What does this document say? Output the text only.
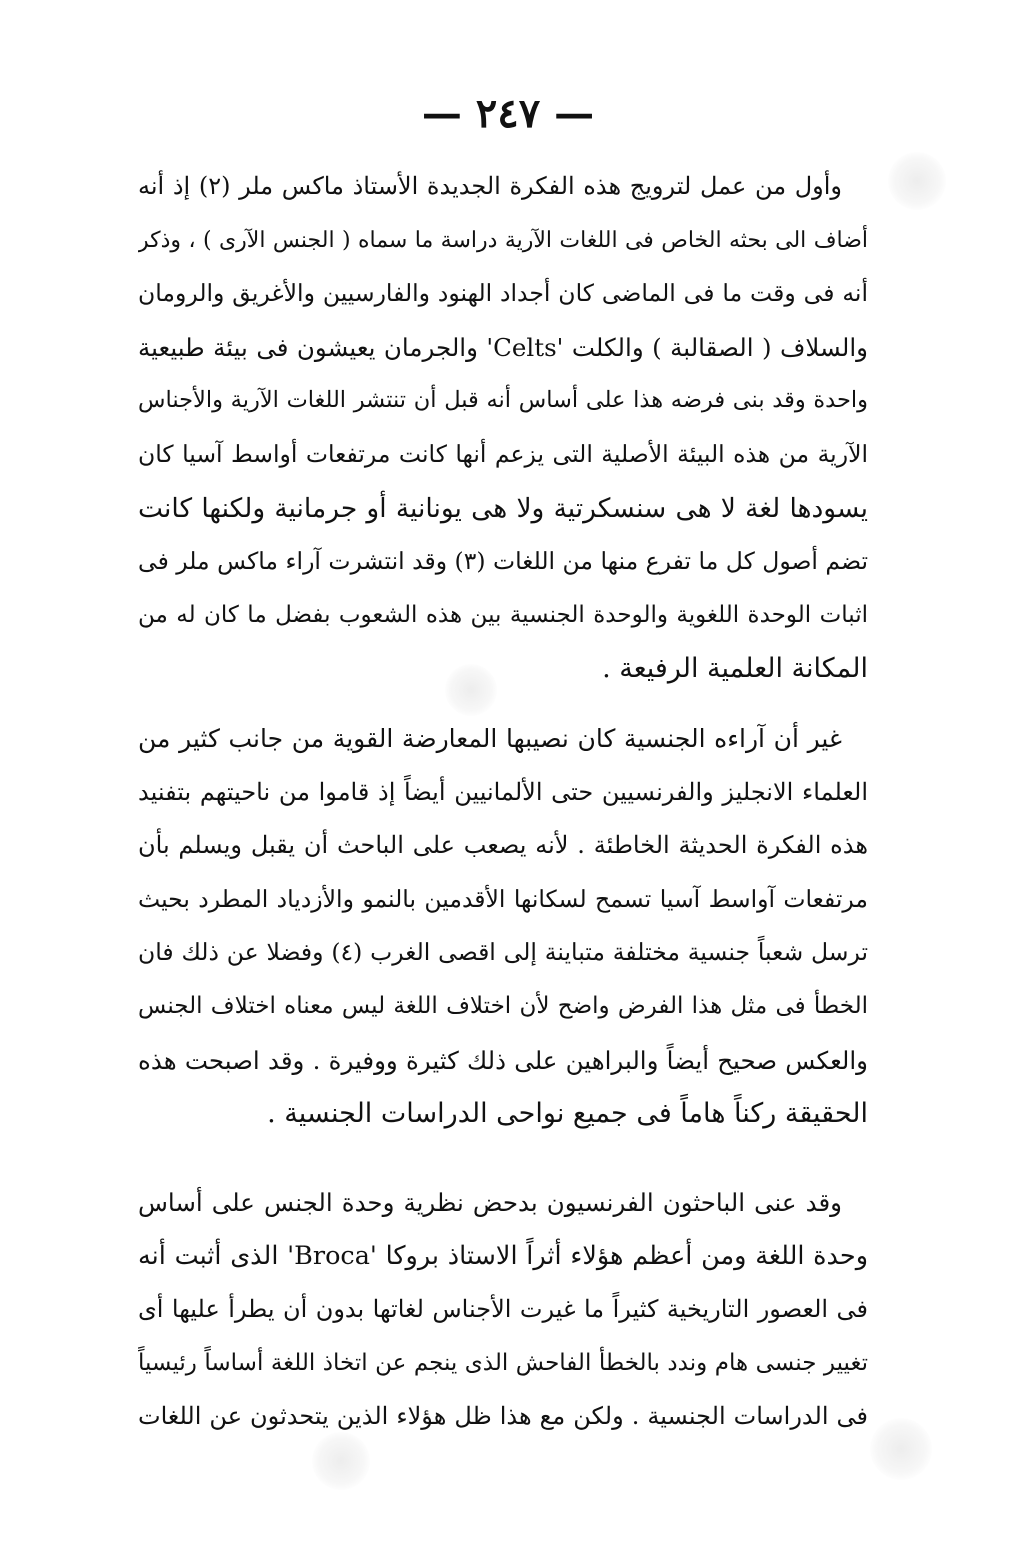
— ٢٤٧ —
وأول من عمل لترويج هذه الفكرة الجديدة الأستاذ ماكس ملر (٢) إذ أنه
أضاف الى بحثه الخاص فى اللغات الآرية دراسة ما سماه ( الجنس الآرى ) ، وذكر
أنه فى وقت ما فى الماضى كان أجداد الهنود والفارسيين والأغريق والرومان
والسلاف ( الصقالبة ) والكلت 'Celts' والجرمان يعيشون فى بيئة طبيعية
واحدة وقد بنى فرضه هذا على أساس أنه قبل أن تنتشر اللغات الآرية والأجناس
الآرية من هذه البيئة الأصلية التى يزعم أنها كانت مرتفعات أواسط آسيا كان
يسودها لغة لا هى سنسكرتية ولا هى يونانية أو جرمانية ولكنها كانت
تضم أصول كل ما تفرع منها من اللغات (٣) وقد انتشرت آراء ماكس ملر فى
اثبات الوحدة اللغوية والوحدة الجنسية بين هذه الشعوب بفضل ما كان له من
المكانة العلمية الرفيعة .
غير أن آراءه الجنسية كان نصيبها المعارضة القوية من جانب كثير من
العلماء الانجليز والفرنسيين حتى الألمانيين أيضاً إذ قاموا من ناحيتهم بتفنيد
هذه الفكرة الحديثة الخاطئة . لأنه يصعب على الباحث أن يقبل ويسلم بأن
مرتفعات آواسط آسيا تسمح لسكانها الأقدمين بالنمو والأزدياد المطرد بحيث
ترسل شعباً جنسية مختلفة متباينة إلى اقصى الغرب (٤) وفضلا عن ذلك فان
الخطأ فى مثل هذا الفرض واضح لأن اختلاف اللغة ليس معناه اختلاف الجنس
والعكس صحيح أيضاً والبراهين على ذلك كثيرة ووفيرة . وقد اصبحت هذه
الحقيقة ركناً هاماً فى جميع نواحى الدراسات الجنسية .
وقد عنى الباحثون الفرنسيون بدحض نظرية وحدة الجنس على أساس
وحدة اللغة ومن أعظم هؤلاء أثراً الاستاذ بروكا 'Broca' الذى أثبت أنه
فى العصور التاريخية كثيراً ما غيرت الأجناس لغاتها بدون أن يطرأ عليها أى
تغيير جنسى هام وندد بالخطأ الفاحش الذى ينجم عن اتخاذ اللغة أساساً رئيسياً
فى الدراسات الجنسية . ولكن مع هذا ظل هؤلاء الذين يتحدثون عن اللغات
